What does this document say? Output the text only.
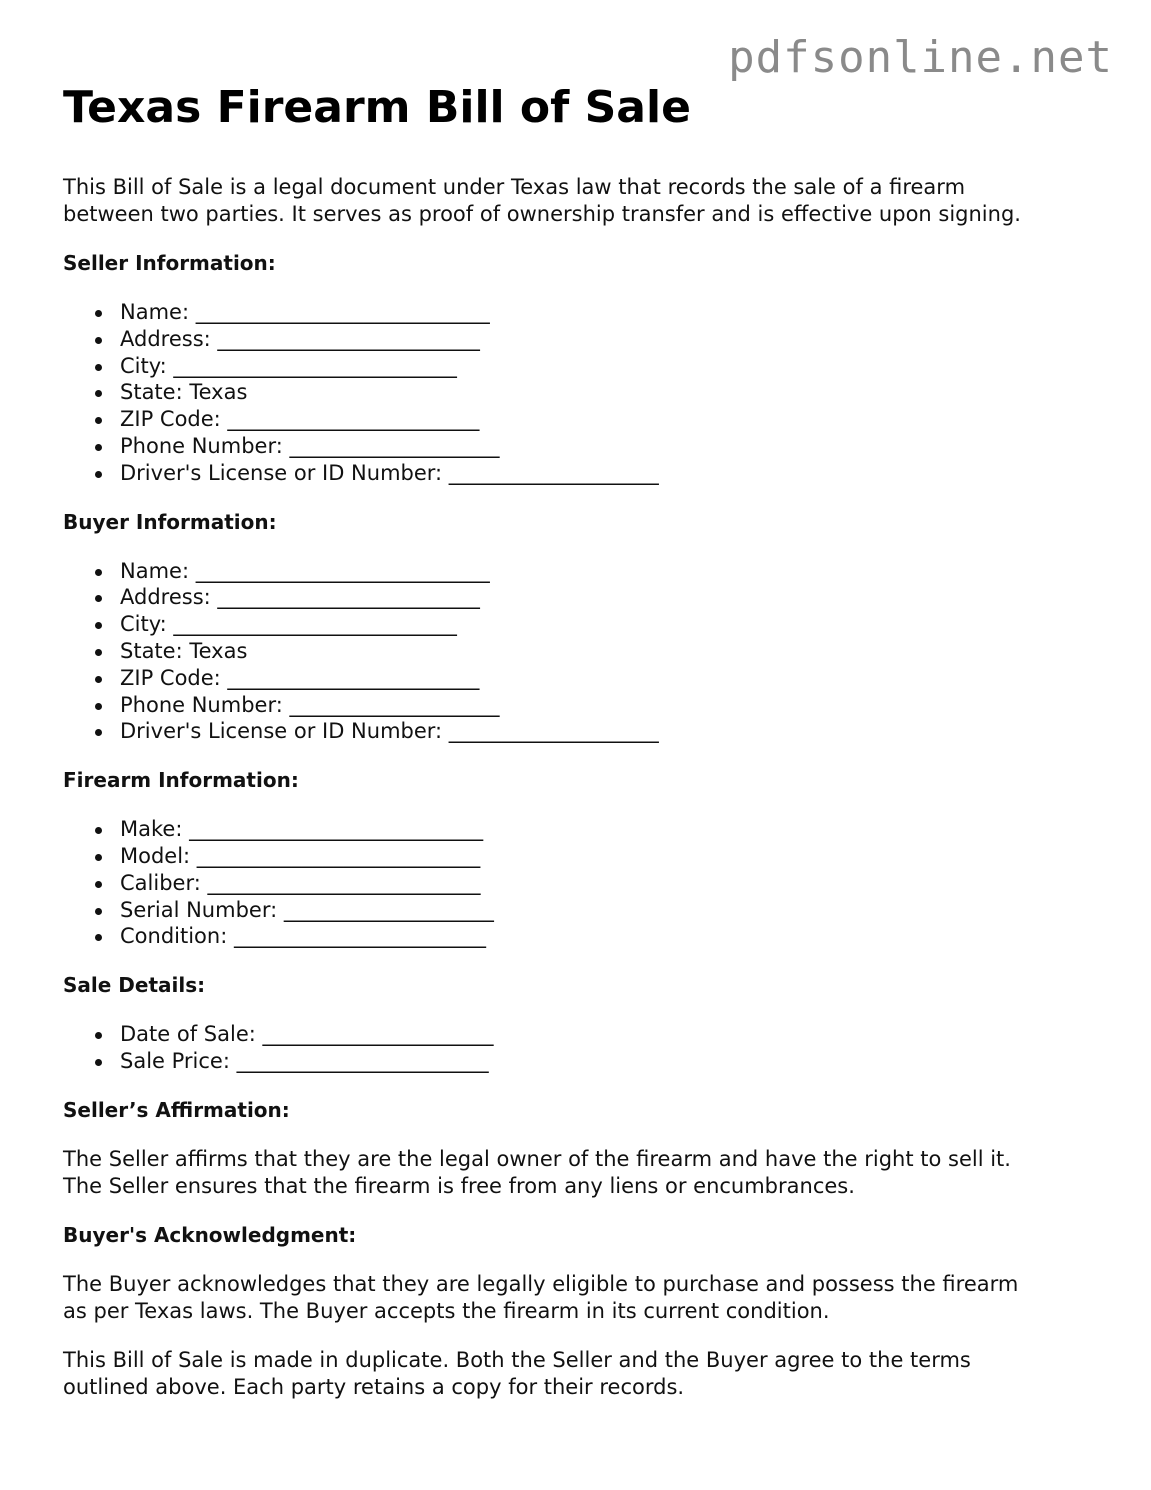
pdfsonline.net
Texas Firearm Bill of Sale

This Bill of Sale is a legal document under Texas law that records the sale of a firearm

between two parties. It serves as proof of ownership transfer and is effective upon signing.

Seller Information:
Name: ____________________________
Address: _________________________
City: ___________________________
State: Texas
ZIP Code: ________________________
Phone Number: ____________________
Driver's License or ID Number: ____________________
Buyer Information:
Name: ____________________________
Address: _________________________
City: ___________________________
State: Texas
ZIP Code: ________________________
Phone Number: ____________________
Driver's License or ID Number: ____________________
Firearm Information:
Make: ____________________________
Model: ___________________________
Caliber: __________________________
Serial Number: ____________________
Condition: ________________________
Sale Details:
Date of Sale: ______________________
Sale Price: ________________________
Seller’s Affirmation:

The Seller affirms that they are the legal owner of the firearm and have the right to sell it.

The Seller ensures that the firearm is free from any liens or encumbrances.

Buyer's Acknowledgment:

The Buyer acknowledges that they are legally eligible to purchase and possess the firearm

as per Texas laws. The Buyer accepts the firearm in its current condition.

This Bill of Sale is made in duplicate. Both the Seller and the Buyer agree to the terms

outlined above. Each party retains a copy for their records.
